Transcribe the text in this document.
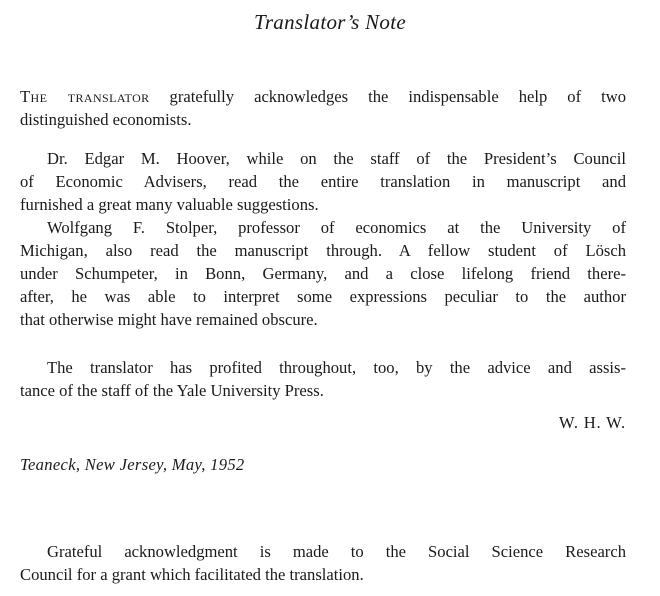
Translator’s Note
The translator gratefully acknowledges the indispensable help of two
distinguished economists.
Dr. Edgar M. Hoover, while on the staff of the President’s Council
of Economic Advisers, read the entire translation in manuscript and
furnished a great many valuable suggestions.
Wolfgang F. Stolper, professor of economics at the University of
Michigan, also read the manuscript through. A fellow student of Lösch
under Schumpeter, in Bonn, Germany, and a close lifelong friend there-
after, he was able to interpret some expressions peculiar to the author
that otherwise might have remained obscure.
The translator has profited throughout, too, by the advice and assis-
tance of the staff of the Yale University Press.
W. H. W.
Teaneck, New Jersey, May, 1952
Grateful acknowledgment is made to the Social Science Research
Council for a grant which facilitated the translation.
